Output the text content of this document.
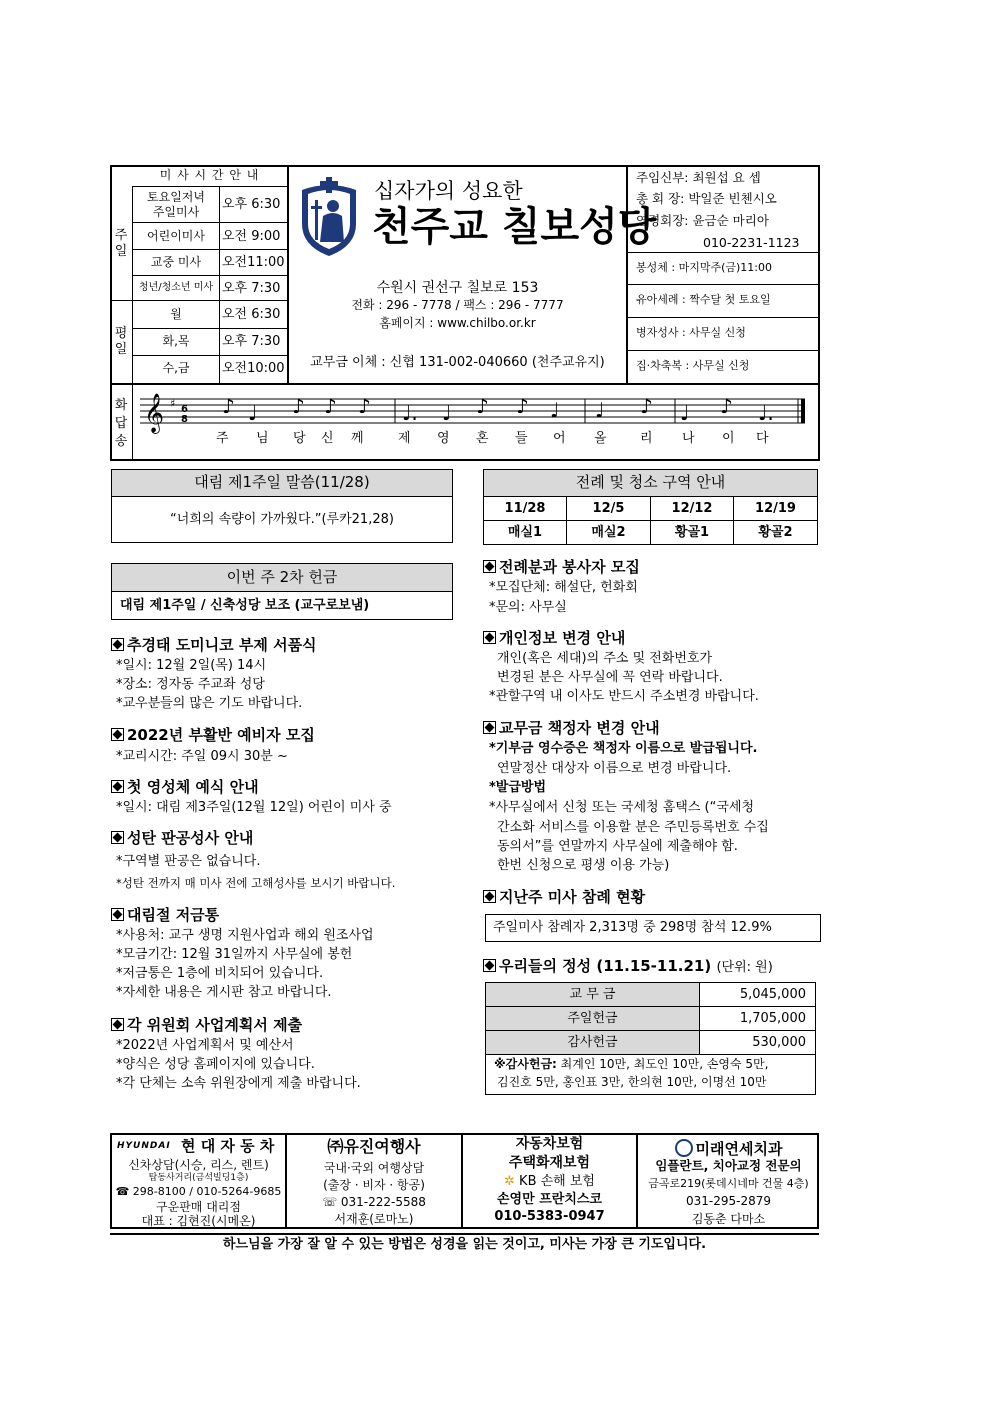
미 사 시 간 안 내
주일
평일
토요일저녁
주일미사	오후 6:30
어린이미사	오전 9:00
교중 미사	오전11:00
청년/청소년 미사 오후 7:30
월	오전 6:30
화,목	오후 7:30
수,금	오전10:00
십자가의 성요한
천주교 칠보성당
수원시 권선구 칠보로 153
전화 : 296 - 7778 / 팩스 : 296 - 7777
홈페이지 : www.chilbo.or.kr
교무금 이체 : 신협 131-002-040660 (천주교유지)
주임신부: 최원섭 요 셉
총 회 장: 박일준 빈첸시오
연령회장: 윤금순 마리아
010-2231-1123
봉성체 : 마지막주(금)11:00
유아세례 : 짝수달 첫 토요일
병자성사 : 사무실 신청
집·차축복 : 사무실 신청
화답송
𝄞 ♯ 6
8
♪ ♩ ♪ ♪ ♪ ♩. ♩ ♪ ♪ ♩ ♩ ♪ ♩ ♪ ♩.
주 님 당 신 께	제 영 혼 들 어 올	리 나 이 다
대림 제1주일 말씀(11/28)
“너희의 속량이 가까웠다.”(루카21,28)
이번 주 2차 헌금
대림 제1주일 / 신축성당 보조 (교구로보냄)
전례 및 청소 구역 안내
11/28	12/5	12/12	12/19
매실1	매실2	황골1	황골2
추경태 도미니코 부제 서품식
*일시: 12월 2일(목) 14시
*장소: 정자동 주교좌 성당
*교우분들의 많은 기도 바랍니다.
2022년 부활반 예비자 모집
*교리시간: 주일 09시 30분 ~
첫 영성체 예식 안내
*일시: 대림 제3주일(12월 12일) 어린이 미사 중
성탄 판공성사 안내
*구역별 판공은 없습니다.
*성탄 전까지 매 미사 전에 고해성사를 보시기 바랍니다.
대림절 저금통
*사용처: 교구 생명 지원사업과 해외 원조사업
*모금기간: 12월 31일까지 사무실에 봉헌
*저금통은 1층에 비치되어 있습니다.
*자세한 내용은 게시판 참고 바랍니다.
각 위원회 사업계획서 제출
*2022년 사업계획서 및 예산서
*양식은 성당 홈페이지에 있습니다.
*각 단체는 소속 위원장에게 제출 바랍니다.
전례분과 봉사자 모집
*모집단체: 해설단, 헌화회
*문의: 사무실
개인정보 변경 안내
개인(혹은 세대)의 주소 및 전화번호가
변경된 분은 사무실에 꼭 연락 바랍니다.
*관할구역 내 이사도 반드시 주소변경 바랍니다.
교무금 책정자 변경 안내
*기부금 영수증은 책정자 이름으로 발급됩니다.
연말정산 대상자 이름으로 변경 바랍니다.
*발급방법
*사무실에서 신청 또는 국세청 홈택스 (“국세청
간소화 서비스를 이용할 분은 주민등록번호 수집
동의서”를 연말까지 사무실에 제출해야 함.
한번 신청으로 평생 이용 가능)
지난주 미사 참례 현황
주일미사 참례자 2,313명 중 298명 참석 12.9%
우리들의 정성 (11.15-11.21) (단위: 원)
교 무 금	5,045,000
주일헌금	1,705,000
감사헌금	530,000
※감사헌금: 최계인 10만, 최도인 10만, 손영숙 5만,
김진호 5만, 홍인표 3만, 한의현 10만, 이명선 10만
HYUNDAI 현 대 자 동 차
신차상담(시승, 리스, 렌트)
탑동사거리(금석빌딩1층)
☎ 298-8100 / 010-5264-9685
구운판매 대리점
대표 : 김현진(시메온)
㈜유진여행사
국내·국외 여행상담
(출장 · 비자 · 항공)
☏ 031-222-5588
서재훈(로마노)
자동차보험
주택화재보험
✲ KB 손해 보험
손영만 프란치스코
010-5383-0947
미래연세치과
임플란트, 치아교정 전문의
금곡로219(롯데시네마 건물 4층)
031-295-2879
김동춘 다마소
하느님을 가장 잘 알 수 있는 방법은 성경을 읽는 것이고, 미사는 가장 큰 기도입니다.
